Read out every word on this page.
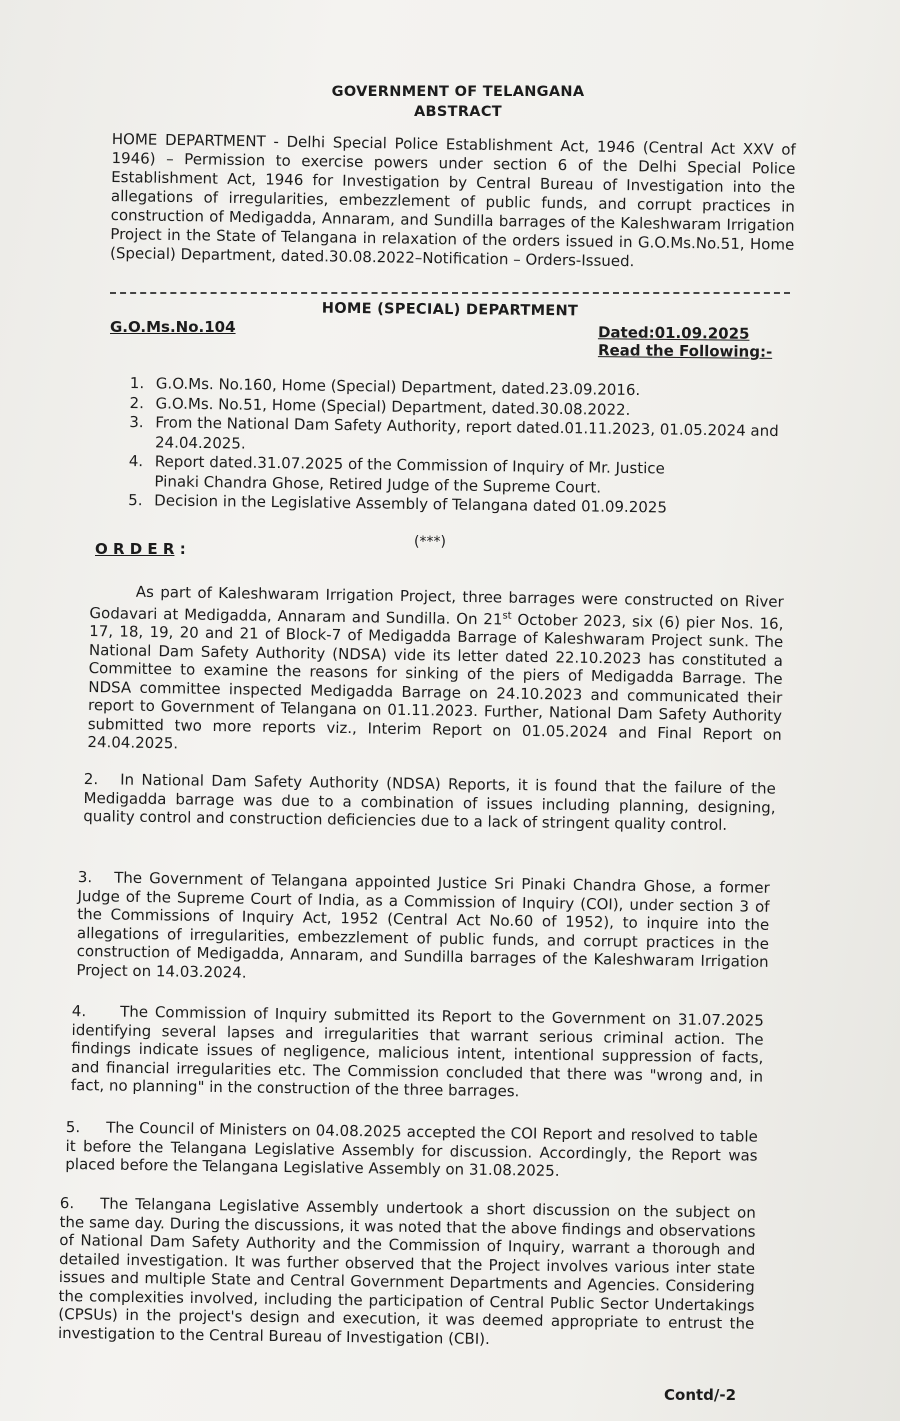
GOVERNMENT OF TELANGANA
ABSTRACT
HOME DEPARTMENT - Delhi Special Police Establishment Act, 1946 (Central Act XXV of 1946) – Permission to exercise powers under section 6 of the Delhi Special Police Establishment Act, 1946 for Investigation by Central Bureau of Investigation into the allegations of irregularities, embezzlement of public funds, and corrupt practices in construction of Medigadda, Annaram, and Sundilla barrages of the Kaleshwaram Irrigation Project in the State of Telangana in relaxation of the orders issued in G.O.Ms.No.51, Home (Special) Department, dated.30.08.2022–Notification – Orders-Issued.
HOME (SPECIAL) DEPARTMENT
G.O.Ms.No.104	Dated:01.09.2025
Read the Following:-
1. G.O.Ms. No.160, Home (Special) Department, dated.23.09.2016.
2. G.O.Ms. No.51, Home (Special) Department, dated.30.08.2022.
3. From the National Dam Safety Authority, report dated.01.11.2023, 01.05.2024 and 24.04.2025.
4. Report dated.31.07.2025 of the Commission of Inquiry of Mr. Justice Pinaki Chandra Ghose, Retired Judge of the Supreme Court.
5. Decision in the Legislative Assembly of Telangana dated 01.09.2025
(***)
O R D E R :
As part of Kaleshwaram Irrigation Project, three barrages were constructed on River Godavari at Medigadda, Annaram and Sundilla. On 21st October 2023, six (6) pier Nos. 16, 17, 18, 19, 20 and 21 of Block-7 of Medigadda Barrage of Kaleshwaram Project sunk. The National Dam Safety Authority (NDSA) vide its letter dated 22.10.2023 has constituted a Committee to examine the reasons for sinking of the piers of Medigadda Barrage. The NDSA committee inspected Medigadda Barrage on 24.10.2023 and communicated their report to Government of Telangana on 01.11.2023. Further, National Dam Safety Authority submitted two more reports viz., Interim Report on 01.05.2024 and Final Report on 24.04.2025.
2. In National Dam Safety Authority (NDSA) Reports, it is found that the failure of the Medigadda barrage was due to a combination of issues including planning, designing, quality control and construction deficiencies due to a lack of stringent quality control.
3. The Government of Telangana appointed Justice Sri Pinaki Chandra Ghose, a former Judge of the Supreme Court of India, as a Commission of Inquiry (COI), under section 3 of the Commissions of Inquiry Act, 1952 (Central Act No.60 of 1952), to inquire into the allegations of irregularities, embezzlement of public funds, and corrupt practices in the construction of Medigadda, Annaram, and Sundilla barrages of the Kaleshwaram Irrigation Project on 14.03.2024.
4. The Commission of Inquiry submitted its Report to the Government on 31.07.2025 identifying several lapses and irregularities that warrant serious criminal action. The findings indicate issues of negligence, malicious intent, intentional suppression of facts, and financial irregularities etc. The Commission concluded that there was "wrong and, in fact, no planning" in the construction of the three barrages.
5. The Council of Ministers on 04.08.2025 accepted the COI Report and resolved to table it before the Telangana Legislative Assembly for discussion. Accordingly, the Report was placed before the Telangana Legislative Assembly on 31.08.2025.
6. The Telangana Legislative Assembly undertook a short discussion on the subject on the same day. During the discussions, it was noted that the above findings and observations of National Dam Safety Authority and the Commission of Inquiry, warrant a thorough and detailed investigation. It was further observed that the Project involves various inter state issues and multiple State and Central Government Departments and Agencies. Considering the complexities involved, including the participation of Central Public Sector Undertakings (CPSUs) in the project's design and execution, it was deemed appropriate to entrust the investigation to the Central Bureau of Investigation (CBI).
Contd/-2
